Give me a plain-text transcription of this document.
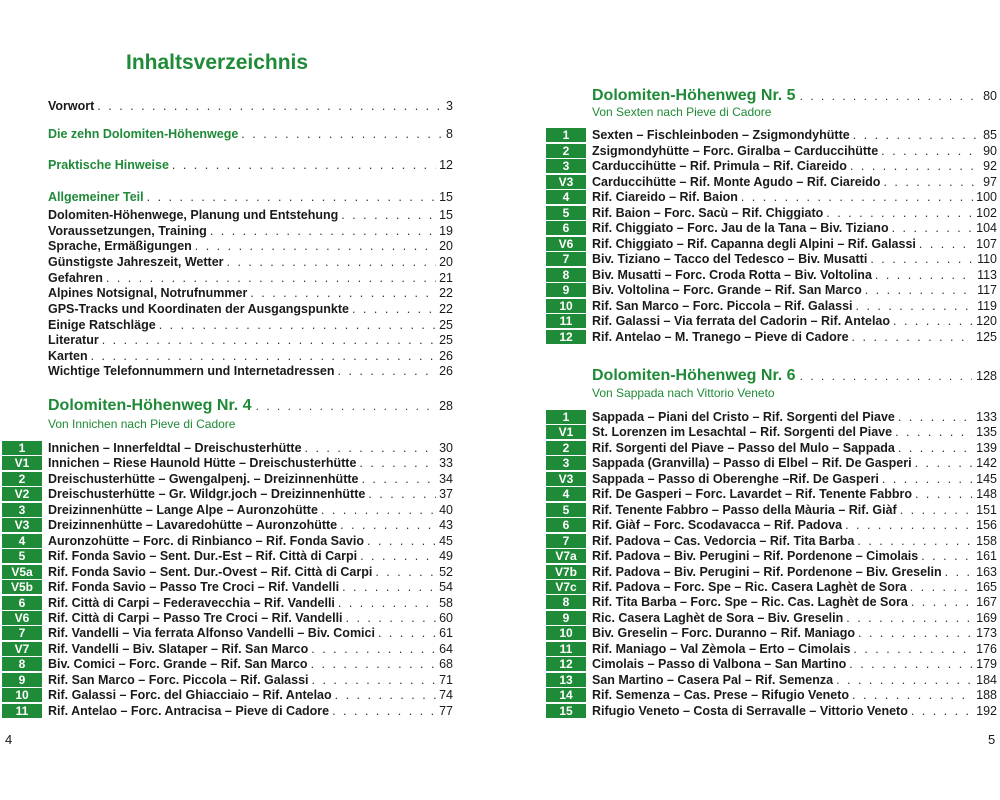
Inhaltsverzeichnis
Vorwort . . .	3
Die zehn Dolomiten-Höhenwege . . .	8
Praktische Hinweise . . .	12
Allgemeiner Teil . . .	15
Dolomiten-Höhenwege, Planung und Entstehung . . .	15
Voraussetzungen, Training . . .	19
Sprache, Ermäßigungen . . .	20
Günstigste Jahreszeit, Wetter . . .	20
Gefahren . . .	21
Alpines Notsignal, Notrufnummer . . .	22
GPS-Tracks und Koordinaten der Ausgangspunkte . . .	22
Einige Ratschläge . . .	25
Literatur . . .	25
Karten . . .	26
Wichtige Telefonnummern und Internetadressen . . .	26
Dolomiten-Höhenweg Nr. 4 . . .	28
Von Innichen nach Pieve di Cadore
1	Innichen – Innerfeldtal – Dreischusterhütte . . .	30
V1	Innichen – Riese Haunold Hütte – Dreischusterhütte . . .	33
2	Dreischusterhütte – Gwengalpenj. – Dreizinnenhütte . . .	34
V2	Dreischusterhütte – Gr. Wildgr.joch – Dreizinnenhütte . . .	37
3	Dreizinnenhütte – Lange Alpe – Auronzohütte . . .	40
V3	Dreizinnenhütte – Lavaredohütte – Auronzohütte . . .	43
4	Auronzohütte – Forc. di Rinbianco – Rif. Fonda Savio . . .	45
5	Rif. Fonda Savio – Sent. Dur.-Est – Rif. Città di Carpi . . .	49
V5a	Rif. Fonda Savio – Sent. Dur.-Ovest – Rif. Città di Carpi . . .	52
V5b	Rif. Fonda Savio – Passo Tre Croci – Rif. Vandelli . . .	54
6	Rif. Città di Carpi – Federavecchia – Rif. Vandelli . . .	58
V6	Rif. Città di Carpi – Passo Tre Croci – Rif. Vandelli . . .	60
7	Rif. Vandelli – Via ferrata Alfonso Vandelli – Biv. Comici . . .	61
V7	Rif. Vandelli – Biv. Slataper – Rif. San Marco . . .	64
8	Biv. Comici – Forc. Grande – Rif. San Marco . . .	68
9	Rif. San Marco – Forc. Piccola – Rif. Galassi . . .	71
10	Rif. Galassi – Forc. del Ghiacciaio – Rif. Antelao . . .	74
11	Rif. Antelao – Forc. Antracisa – Pieve di Cadore . . .	77
4
Dolomiten-Höhenweg Nr. 5 . . .	80
Von Sexten nach Pieve di Cadore
1	Sexten – Fischleinboden – Zsigmondyhütte . . .	85
2	Zsigmondyhütte – Forc. Giralba – Carduccihütte . . .	90
3	Carduccihütte – Rif. Primula – Rif. Ciareido . . .	92
V3	Carduccihütte – Rif. Monte Agudo – Rif. Ciareido . . .	97
4	Rif. Ciareido – Rif. Baion . . .	100
5	Rif. Baion – Forc. Sacù – Rif. Chiggiato . . .	102
6	Rif. Chiggiato – Forc. Jau de la Tana – Biv. Tiziano . . .	104
V6	Rif. Chiggiato – Rif. Capanna degli Alpini – Rif. Galassi . . .	107
7	Biv. Tiziano – Tacco del Tedesco – Biv. Musatti . . .	110
8	Biv. Musatti – Forc. Croda Rotta – Biv. Voltolina . . .	113
9	Biv. Voltolina – Forc. Grande – Rif. San Marco . . .	117
10	Rif. San Marco – Forc. Piccola – Rif. Galassi . . .	119
11	Rif. Galassi – Via ferrata del Cadorin – Rif. Antelao . . .	120
12	Rif. Antelao – M. Tranego – Pieve di Cadore . . .	125
Dolomiten-Höhenweg Nr. 6 . . .	128
Von Sappada nach Vittorio Veneto
1	Sappada – Piani del Cristo – Rif. Sorgenti del Piave . . .	133
V1	St. Lorenzen im Lesachtal – Rif. Sorgenti del Piave . . .	135
2	Rif. Sorgenti del Piave – Passo del Mulo – Sappada . . .	139
3	Sappada (Granvilla) – Passo di Elbel – Rif. De Gasperi . . .	142
V3	Sappada – Passo di Oberenghe –Rif. De Gasperi . . .	145
4	Rif. De Gasperi – Forc. Lavardet – Rif. Tenente Fabbro . . .	148
5	Rif. Tenente Fabbro – Passo della Màuria – Rif. Giàf . . .	151
6	Rif. Giàf – Forc. Scodavacca – Rif. Padova . . .	156
7	Rif. Padova – Cas. Vedorcia – Rif. Tita Barba . . .	158
V7a	Rif. Padova – Biv. Perugini – Rif. Pordenone – Cimolais . . .	161
V7b	Rif. Padova – Biv. Perugini – Rif. Pordenone – Biv. Greselin . . .	163
V7c	Rif. Padova – Forc. Spe – Ric. Casera Laghèt de Sora . . .	165
8	Rif. Tita Barba – Forc. Spe – Ric. Cas. Laghèt de Sora . . .	167
9	Ric. Casera Laghèt de Sora – Biv. Greselin . . .	169
10	Biv. Greselin – Forc. Duranno – Rif. Maniago . . .	173
11	Rif. Maniago – Val Zèmola – Erto – Cimolais . . .	176
12	Cimolais – Passo di Valbona – San Martino . . .	179
13	San Martino – Casera Pal – Rif. Semenza . . .	184
14	Rif. Semenza – Cas. Prese – Rifugio Veneto . . .	188
15	Rifugio Veneto – Costa di Serravalle – Vittorio Veneto . . .	192
5
